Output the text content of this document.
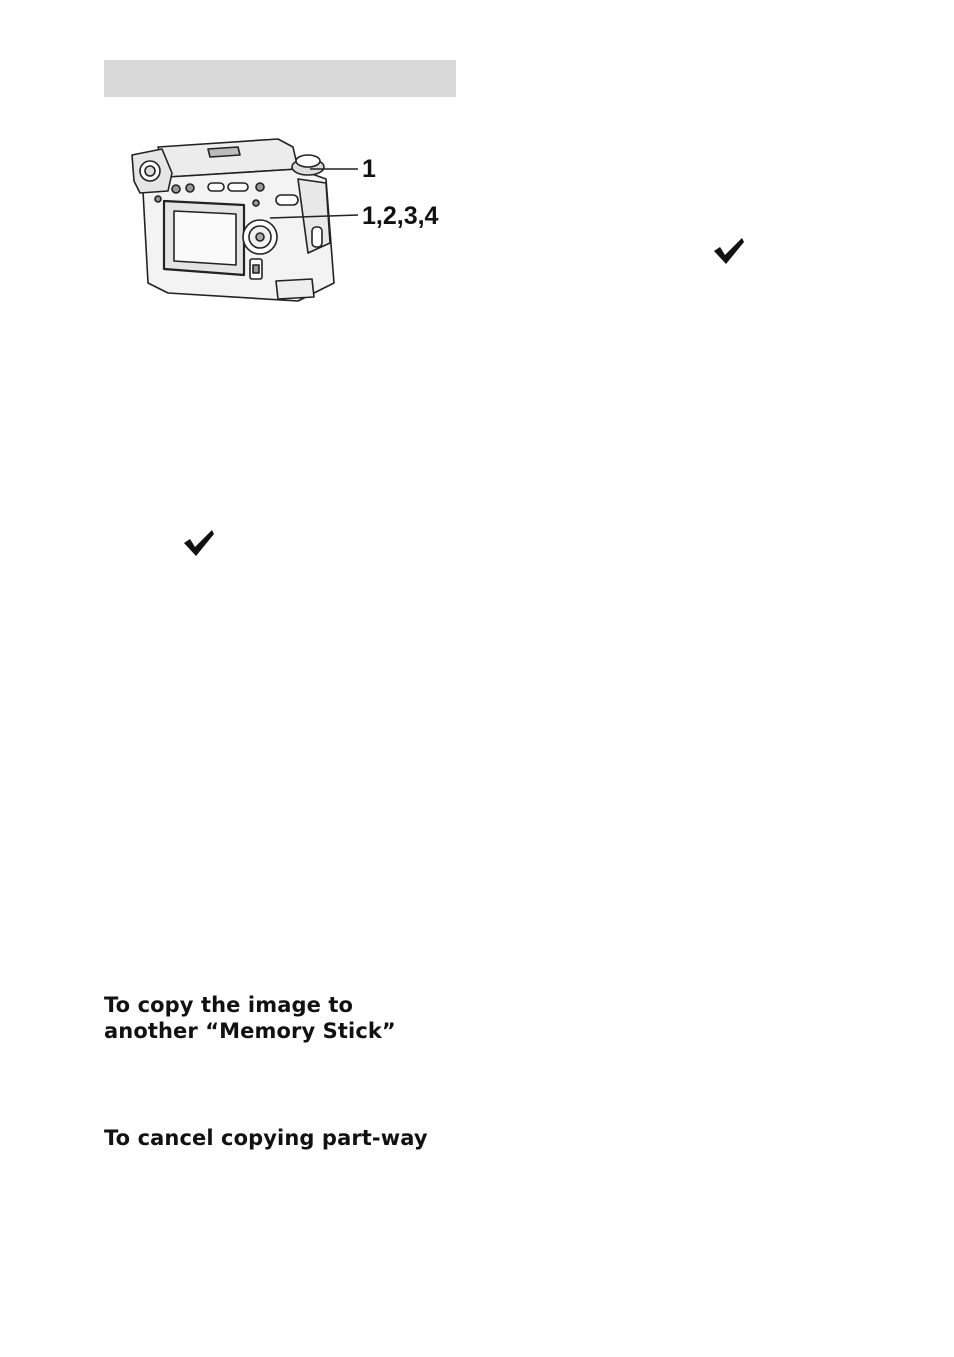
1
1,2,3,4
To copy the image to
another “Memory Stick”
To cancel copying part-way
